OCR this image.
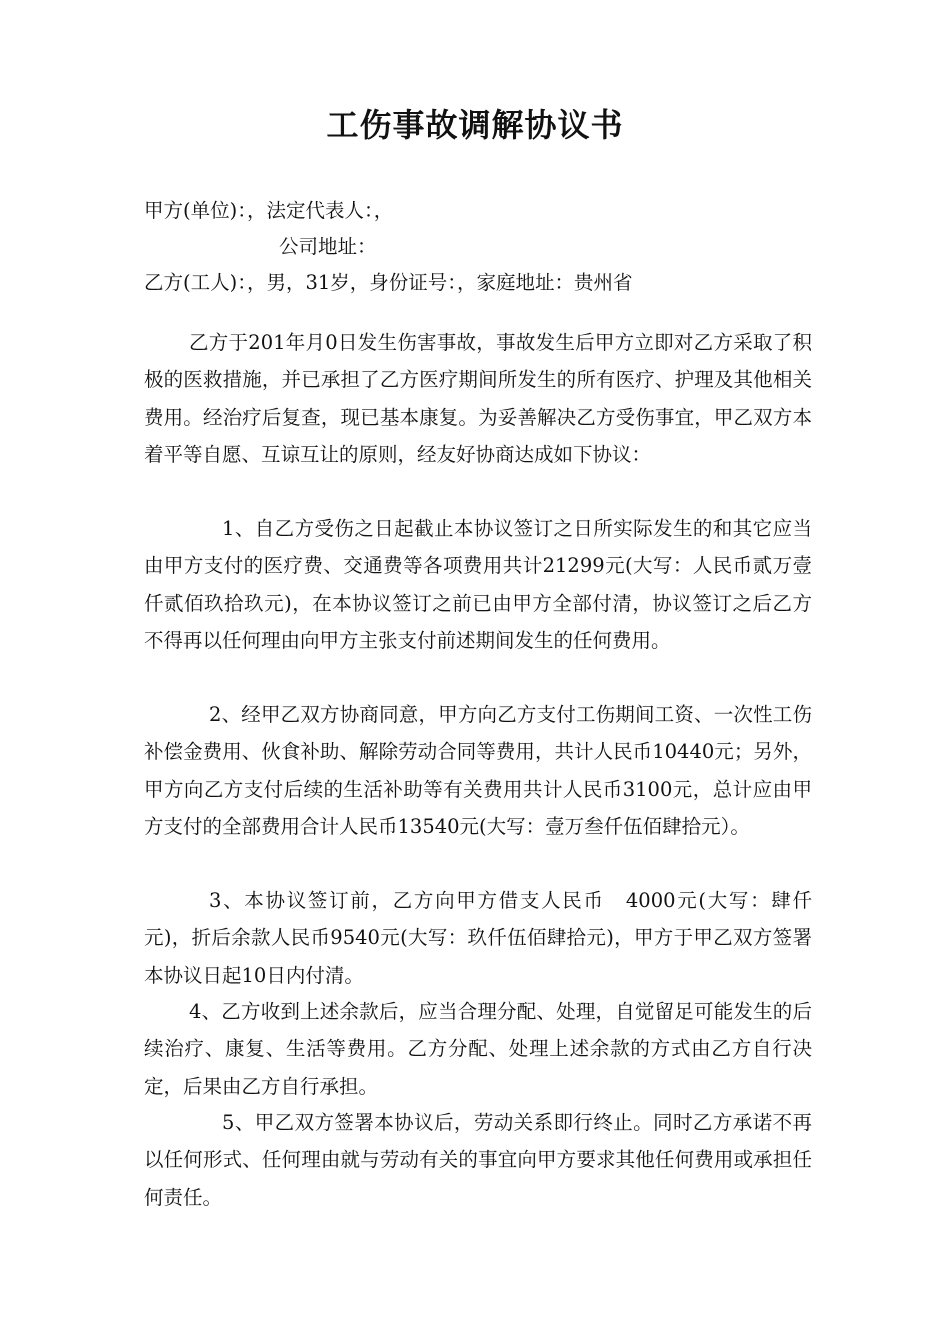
工伤事故调解协议书
甲方(单位)：，法定代表人：，
公司地址：
乙方(工人)：，男，31岁，身份证号：，家庭地址：贵州省
乙方于201年月0日发生伤害事故，事故发生后甲方立即对乙方采取了积极的医救措施，并已承担了乙方医疗期间所发生的所有医疗、护理及其他相关费用。经治疗后复查，现已基本康复。为妥善解决乙方受伤事宜，甲乙双方本着平等自愿、互谅互让的原则，经友好协商达成如下协议：
1、自乙方受伤之日起截止本协议签订之日所实际发生的和其它应当由甲方支付的医疗费、交通费等各项费用共计21299元(大写：人民币贰万壹仟贰佰玖拾玖元)，在本协议签订之前已由甲方全部付清，协议签订之后乙方不得再以任何理由向甲方主张支付前述期间发生的任何费用。
2、经甲乙双方协商同意，甲方向乙方支付工伤期间工资、一次性工伤补偿金费用、伙食补助、解除劳动合同等费用，共计人民币10440元；另外，甲方向乙方支付后续的生活补助等有关费用共计人民币3100元，总计应由甲方支付的全部费用合计人民币13540元(大写：壹万叁仟伍佰肆拾元）。
3、本协议签订前，乙方向甲方借支人民币　4000元(大写：肆仟元)，折后余款人民币9540元(大写：玖仟伍佰肆拾元)，甲方于甲乙双方签署本协议日起10日内付清。
4、乙方收到上述余款后，应当合理分配、处理，自觉留足可能发生的后续治疗、康复、生活等费用。乙方分配、处理上述余款的方式由乙方自行决定，后果由乙方自行承担。
5、甲乙双方签署本协议后，劳动关系即行终止。同时乙方承诺不再以任何形式、任何理由就与劳动有关的事宜向甲方要求其他任何费用或承担任何责任。
